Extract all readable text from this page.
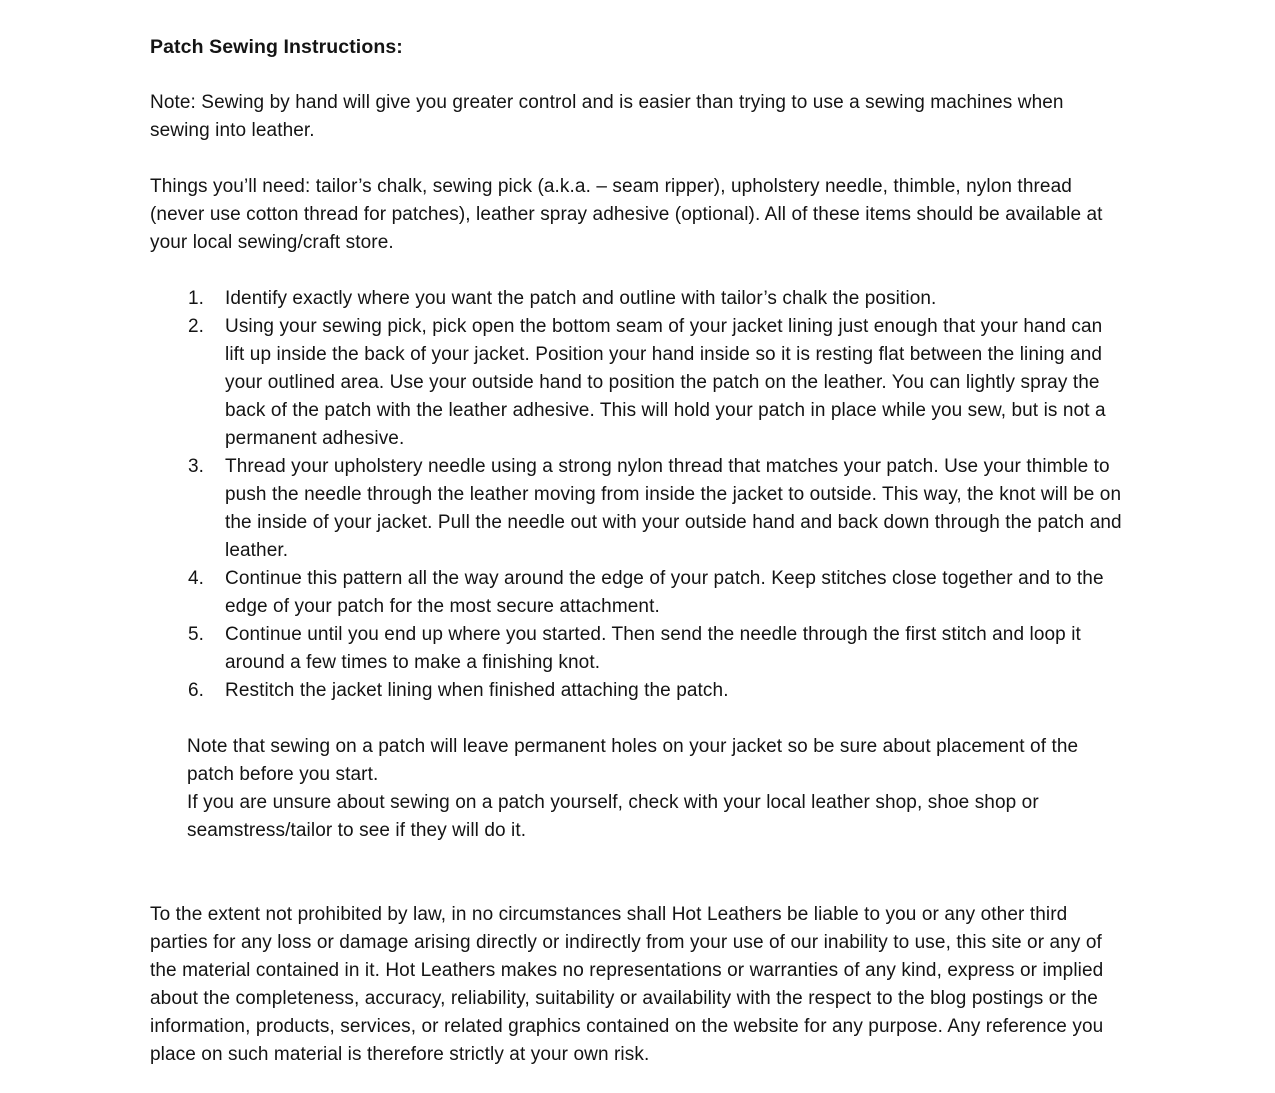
Patch Sewing Instructions:

Note: Sewing by hand will give you greater control and is easier than trying to use a sewing machines when sewing into leather.

Things you’ll need: tailor’s chalk, sewing pick (a.k.a. – seam ripper), upholstery needle, thimble, nylon thread (never use cotton thread for patches), leather spray adhesive (optional). All of these items should be available at your local sewing/craft store.

1.	Identify exactly where you want the patch and outline with tailor’s chalk the position.
2.	Using your sewing pick, pick open the bottom seam of your jacket lining just enough that your hand can lift up inside the back of your jacket. Position your hand inside so it is resting flat between the lining and your outlined area. Use your outside hand to position the patch on the leather. You can lightly spray the back of the patch with the leather adhesive. This will hold your patch in place while you sew, but is not a permanent adhesive.
3.	Thread your upholstery needle using a strong nylon thread that matches your patch. Use your thimble to push the needle through the leather moving from inside the jacket to outside. This way, the knot will be on the inside of your jacket. Pull the needle out with your outside hand and back down through the patch and leather.
4.	Continue this pattern all the way around the edge of your patch. Keep stitches close together and to the edge of your patch for the most secure attachment.
5.	Continue until you end up where you started. Then send the needle through the first stitch and loop it around a few times to make a finishing knot.
6.	Restitch the jacket lining when finished attaching the patch.

Note that sewing on a patch will leave permanent holes on your jacket so be sure about placement of the patch before you start.

If you are unsure about sewing on a patch yourself, check with your local leather shop, shoe shop or seamstress/tailor to see if they will do it.

To the extent not prohibited by law, in no circumstances shall Hot Leathers be liable to you or any other third parties for any loss or damage arising directly or indirectly from your use of our inability to use, this site or any of the material contained in it. Hot Leathers makes no representations or warranties of any kind, express or implied about the completeness, accuracy, reliability, suitability or availability with the respect to the blog postings or the information, products, services, or related graphics contained on the website for any purpose. Any reference you place on such material is therefore strictly at your own risk.
